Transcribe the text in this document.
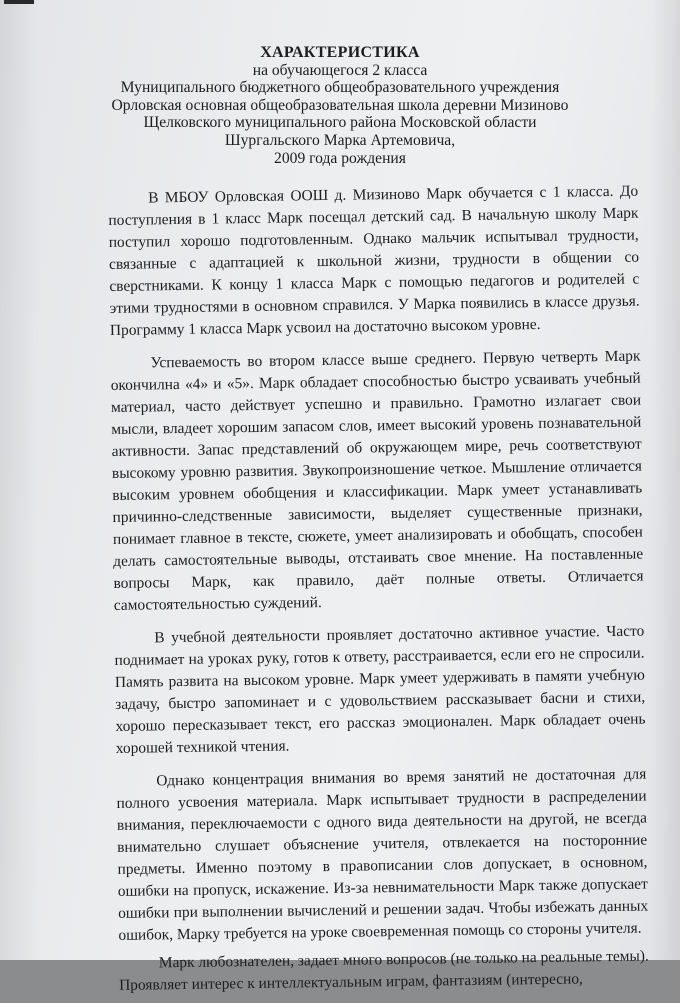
ХАРАКТЕРИСТИКА
на обучающегося 2 класса
Муниципального бюджетного общеобразовательного учреждения
Орловская основная общеобразовательная школа деревни Мизиново
Щелковского муниципального района Московской области
Шургальского Марка Артемовича,
2009 года рождения

В МБОУ Орловская ООШ д. Мизиново Марк обучается с 1 класса. До поступления в 1 класс Марк посещал детский сад. В начальную школу Марк поступил хорошо подготовленным. Однако мальчик испытывал трудности, связанные с адаптацией к школьной жизни, трудности в общении со сверстниками. К концу 1 класса Марк с помощью педагогов и родителей с этими трудностями в основном справился. У Марка появились в классе друзья. Программу 1 класса Марк усвоил на достаточно высоком уровне.

Успеваемость во втором классе выше среднего. Первую четверть Марк окончилна «4» и «5». Марк обладает способностью быстро усваивать учебный материал, часто действует успешно и правильно. Грамотно излагает свои мысли, владеет хорошим запасом слов, имеет высокий уровень познавательной активности. Запас представлений об окружающем мире, речь соответствуют высокому уровню развития. Звукопроизношение четкое. Мышление отличается высоким уровнем обобщения и классификации. Марк умеет устанавливать причинно-следственные зависимости, выделяет существенные признаки, понимает главное в тексте, сюжете, умеет анализировать и обобщать, способен делать самостоятельные выводы, отстаивать свое мнение. На поставленные вопросы Марк, как правило, даёт полные ответы. Отличается самостоятельностью суждений.

В учебной деятельности проявляет достаточно активное участие. Часто поднимает на уроках руку, готов к ответу, расстраивается, если его не спросили. Память развита на высоком уровне. Марк умеет удерживать в памяти учебную задачу, быстро запоминает и с удовольствием рассказывает басни и стихи, хорошо пересказывает текст, его рассказ эмоционален. Марк обладает очень хорошей техникой чтения.

Однако концентрация внимания во время занятий не достаточная для полного усвоения материала. Марк испытывает трудности в распределении внимания, переключаемости с одного вида деятельности на другой, не всегда внимательно слушает объяснение учителя, отвлекается на посторонние предметы. Именно поэтому в правописании слов допускает, в основном, ошибки на пропуск, искажение. Из-за невнимательности Марк также допускает ошибки при выполнении вычислений и решении задач. Чтобы избежать данных ошибок, Марку требуется на уроке своевременная помощь со стороны учителя.

Марк любознателен, задает много вопросов (не только на реальные темы). Проявляет интерес к интеллектуальным играм, фантазиям (интересно,
